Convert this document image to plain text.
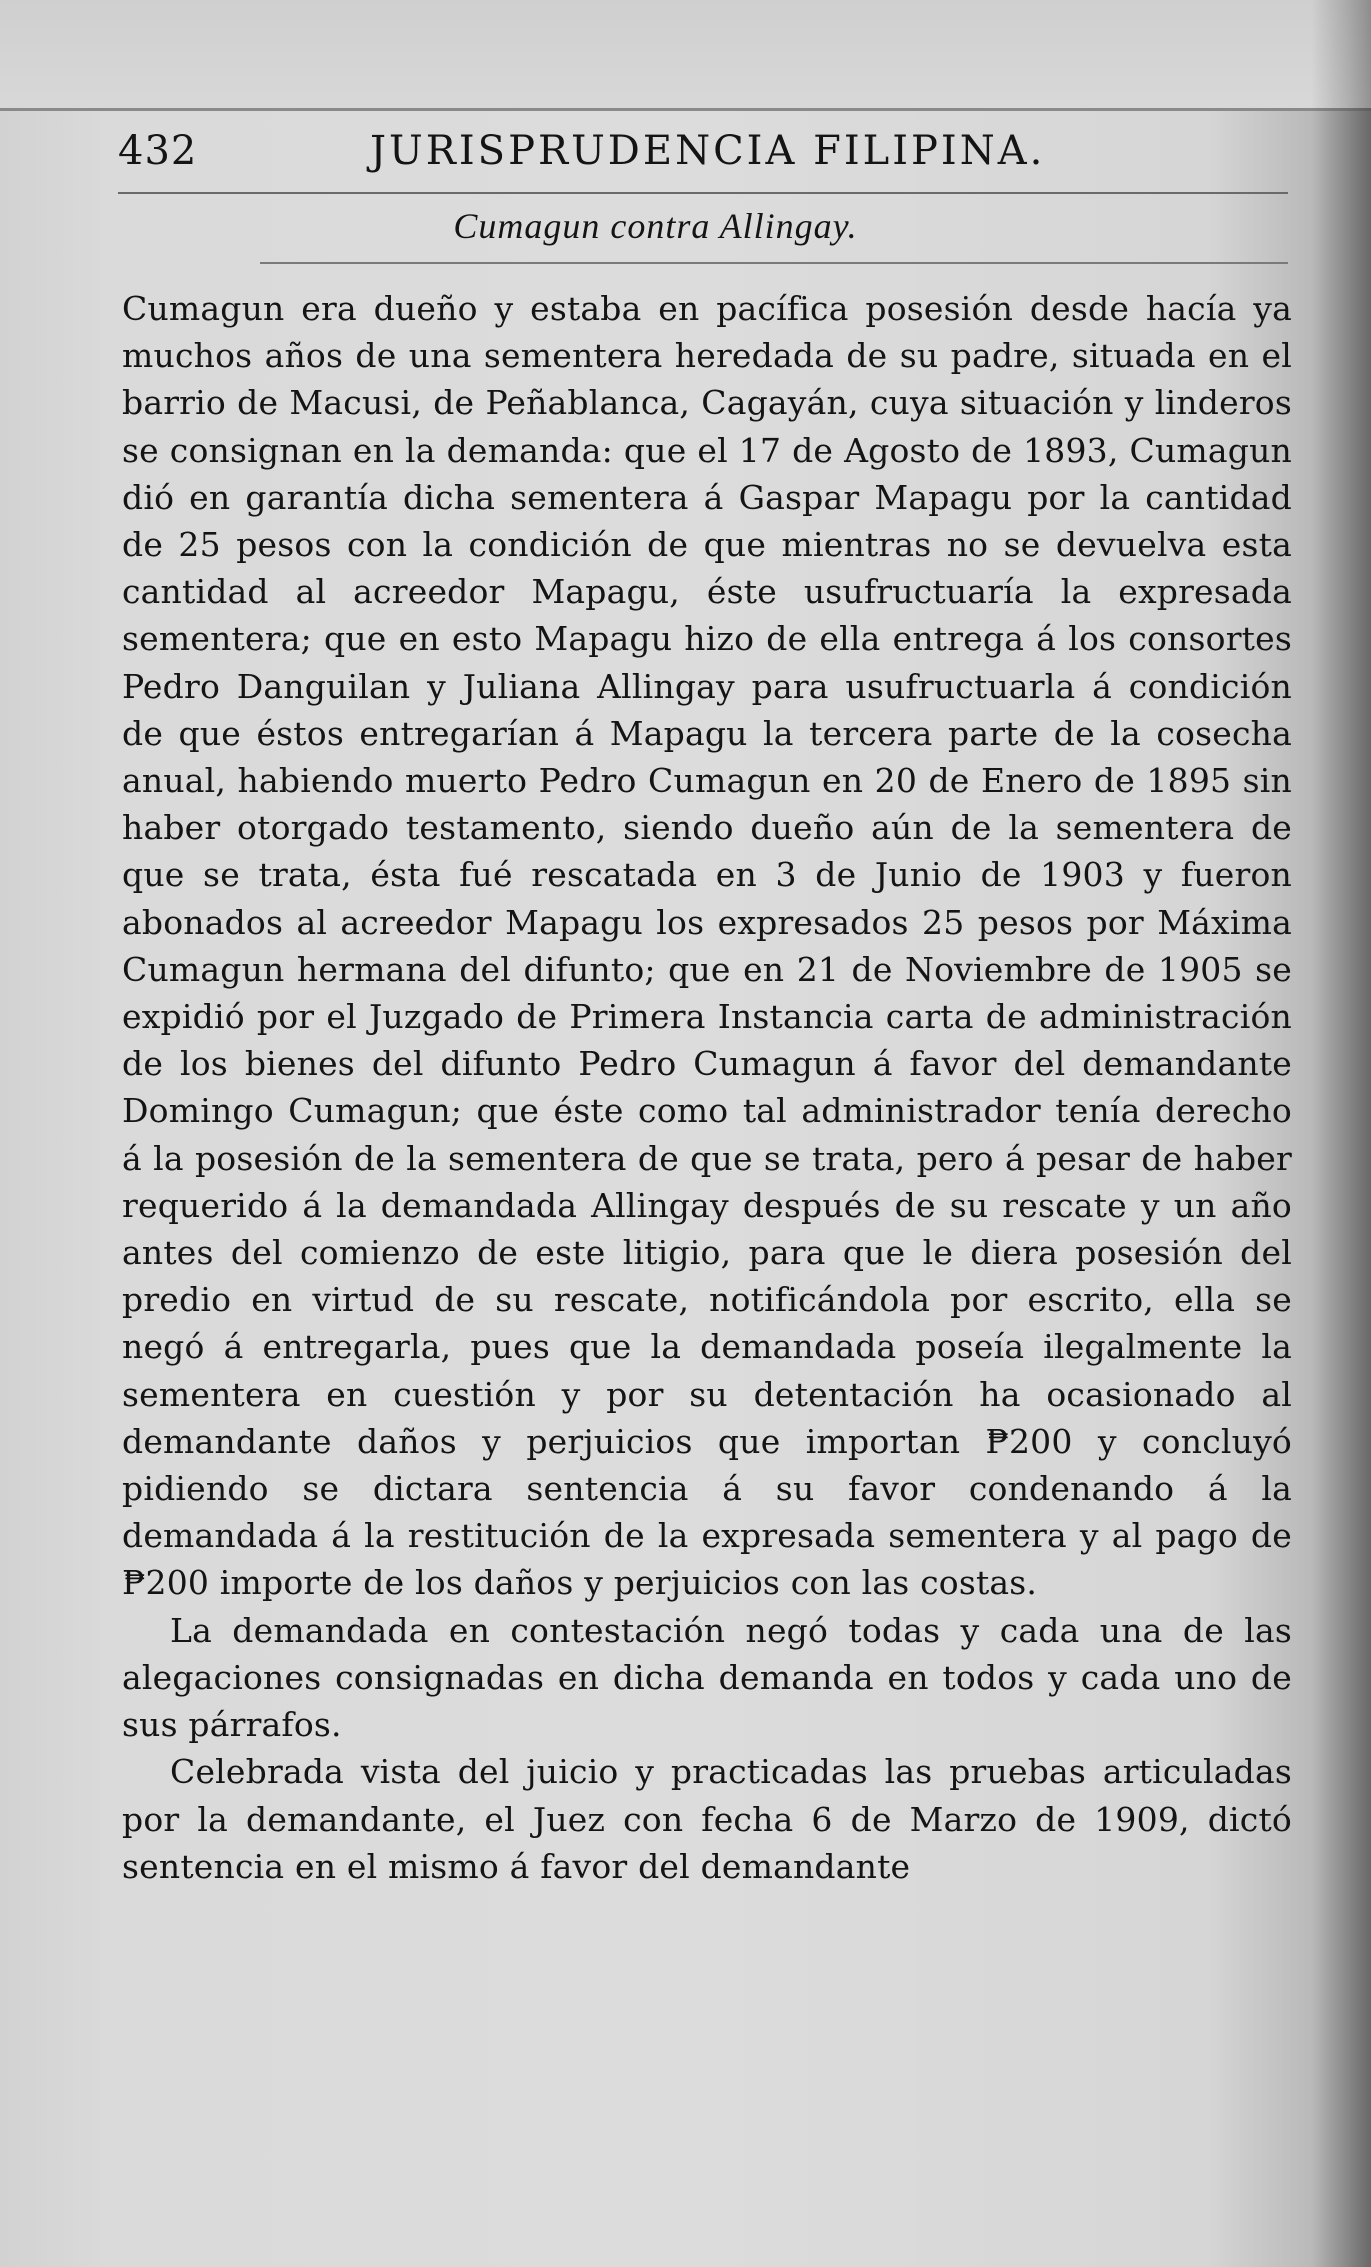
432	JURISPRUDENCIA FILIPINA.
Cumagun contra Allingay.

Cumagun era dueño y estaba en pacífica posesión desde hacía ya muchos años de una sementera heredada de su padre, situada en el barrio de Macusi, de Peñablanca, Cagayán, cuya situación y linderos se consignan en la demanda: que el 17 de Agosto de 1893, Cumagun dió en garantía dicha sementera á Gaspar Mapagu por la cantidad de 25 pesos con la condición de que mientras no se devuelva esta cantidad al acreedor Mapagu, éste usufructuaría la expresada sementera; que en esto Mapagu hizo de ella entrega á los consortes Pedro Danguilan y Juliana Allingay para usufructuarla á condición de que éstos entregarían á Mapagu la tercera parte de la cosecha anual, habiendo muerto Pedro Cumagun en 20 de Enero de 1895 sin haber otorgado testamento, siendo dueño aún de la sementera de que se trata, ésta fué rescatada en 3 de Junio de 1903 y fueron abonados al acreedor Mapagu los expresados 25 pesos por Máxima Cumagun hermana del difunto; que en 21 de Noviembre de 1905 se expidió por el Juzgado de Primera Instancia carta de administración de los bienes del difunto Pedro Cumagun á favor del demandante Domingo Cumagun; que éste como tal administrador tenía derecho á la posesión de la sementera de que se trata, pero á pesar de haber requerido á la demandada Allingay después de su rescate y un año antes del comienzo de este litigio, para que le diera posesión del predio en virtud de su rescate, notificándola por escrito, ella se negó á entregarla, pues que la demandada poseía ilegalmente la sementera en cuestión y por su detentación ha ocasionado al demandante daños y perjuicios que importan ₱200 y concluyó pidiendo se dictara sentencia á su favor condenando á la demandada á la restitución de la expresada sementera y al pago de ₱200 importe de los daños y perjuicios con las costas.

La demandada en contestación negó todas y cada una de las alegaciones consignadas en dicha demanda en todos y cada uno de sus párrafos.

Celebrada vista del juicio y practicadas las pruebas articuladas por la demandante, el Juez con fecha 6 de Marzo de 1909, dictó sentencia en el mismo á favor del demandante
